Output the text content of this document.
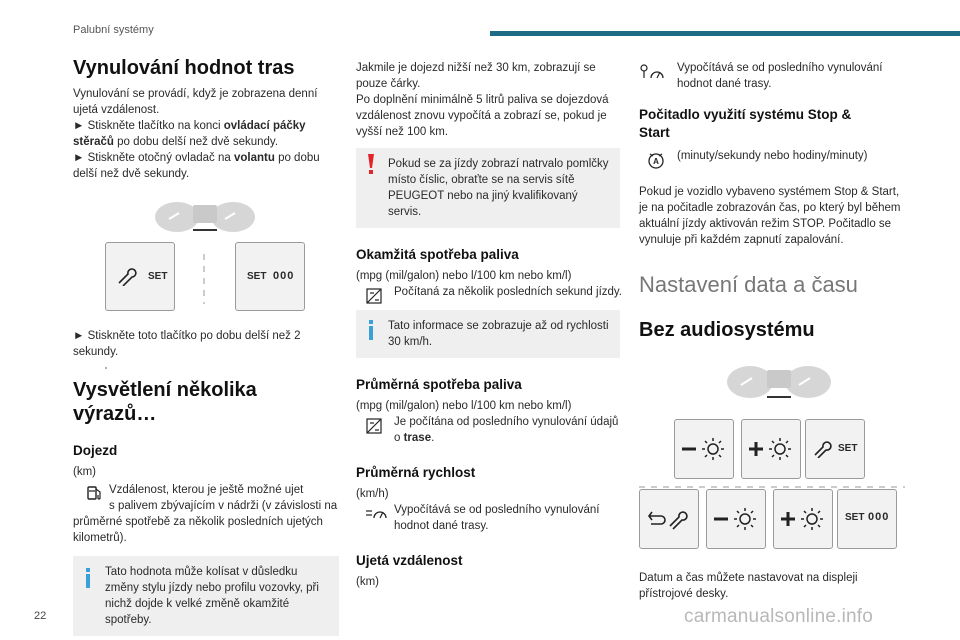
Palubní systémy
Vynulování hodnot tras

Vynulování se provádí, když je zobrazena denní ujetá vzdálenost.

► Stiskněte tlačítko na konci ovládací páčky stěračů po dobu delší než dvě sekundy.

► Stiskněte otočný ovladač na volantu po dobu delší než dvě sekundy.

SET	SET 000

► Stiskněte toto tlačítko po dobu delší než 2 sekundy.

Vysvětlení několika výrazů…
Dojezd

(km)

Vzdálenost, kterou je ještě možné ujet

s palivem zbývajícím v nádrži (v závislosti na průměrné spotřebě za několik posledních ujetých kilometrů).

Tato hodnota může kolísat v důsledku změny stylu jízdy nebo profilu vozovky, při nichž dojde k velké změně okamžité spotřeby.

Jakmile je dojezd nižší než 30 km, zobrazují se pouze čárky.

Po doplnění minimálně 5 litrů paliva se dojezdová vzdálenost znovu vypočítá a zobrazí se, pokud je vyšší než 100 km.

Pokud se za jízdy zobrazí natrvalo pomlčky místo číslic, obraťte se na servis sítě PEUGEOT nebo na jiný kvalifikovaný servis.

Okamžitá spotřeba paliva

(mpg (mil/galon) nebo l/100 km nebo km/l)

Počítaná za několik posledních sekund jízdy.

Tato informace se zobrazuje až od rychlosti 30 km/h.

Průměrná spotřeba paliva

(mpg (mil/galon) nebo l/100 km nebo km/l)

Je počítána od posledního vynulování údajů o trase.

Průměrná rychlost

(km/h)

Vypočítává se od posledního vynulování hodnot dané trasy.

Ujetá vzdálenost

(km)

Vypočítává se od posledního vynulování hodnot dané trasy.

Počitadlo využití systému Stop & Start
A	(minuty/sekundy nebo hodiny/minuty)

Pokud je vozidlo vybaveno systémem Stop & Start, je na počitadle zobrazován čas, po který byl během aktuální jízdy aktivován režim STOP. Počitadlo se vynuluje při každém zapnutí zapalování.

Nastavení data a času
Bez audiosystému
SET
SET 000

Datum a čas můžete nastavovat na displeji přístrojové desky.

22	carmanualsonline.info
